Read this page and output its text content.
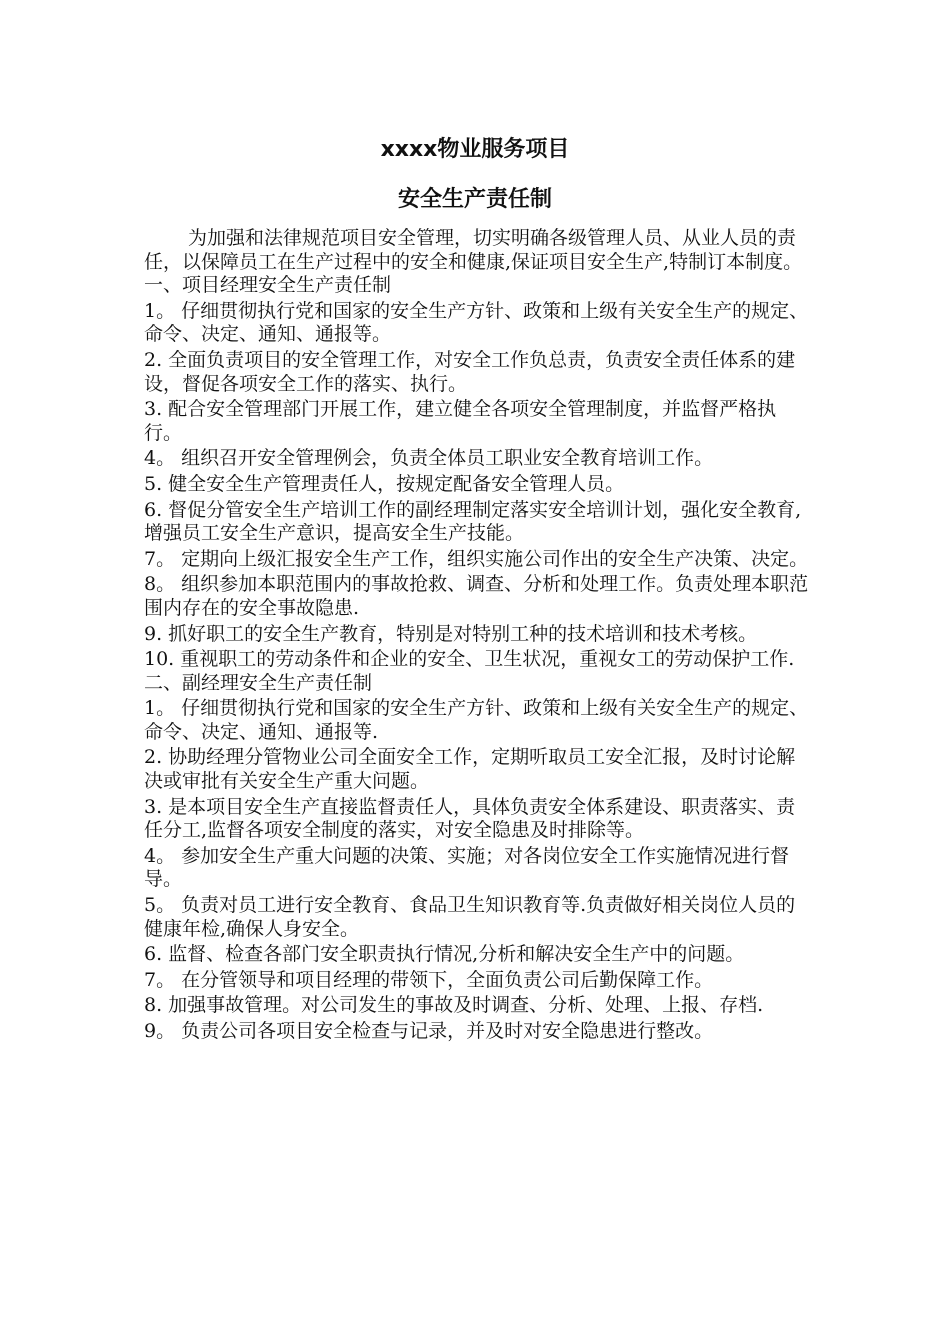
xxxx物业服务项目
安全生产责任制

为加强和法律规范项目安全管理，切实明确各级管理人员、从业人员的责任，以保障员工在生产过程中的安全和健康,保证项目安全生产,特制订本制度。

一、项目经理安全生产责任制

1。 仔细贯彻执行党和国家的安全生产方针、政策和上级有关安全生产的规定、命令、决定、通知、通报等。

2. 全面负责项目的安全管理工作，对安全工作负总责，负责安全责任体系的建设，督促各项安全工作的落实、执行。

3. 配合安全管理部门开展工作，建立健全各项安全管理制度，并监督严格执行。

4。 组织召开安全管理例会，负责全体员工职业安全教育培训工作。

5. 健全安全生产管理责任人，按规定配备安全管理人员。

6. 督促分管安全生产培训工作的副经理制定落实安全培训计划，强化安全教育,增强员工安全生产意识，提高安全生产技能。

7。 定期向上级汇报安全生产工作，组织实施公司作出的安全生产决策、决定。

8。 组织参加本职范围内的事故抢救、调查、分析和处理工作。负责处理本职范围内存在的安全事故隐患.

9. 抓好职工的安全生产教育，特别是对特别工种的技术培训和技术考核。

10. 重视职工的劳动条件和企业的安全、卫生状况，重视女工的劳动保护工作.

二、副经理安全生产责任制

1。 仔细贯彻执行党和国家的安全生产方针、政策和上级有关安全生产的规定、命令、决定、通知、通报等.

2. 协助经理分管物业公司全面安全工作，定期听取员工安全汇报，及时讨论解决或审批有关安全生产重大问题。

3. 是本项目安全生产直接监督责任人，具体负责安全体系建设、职责落实、责任分工,监督各项安全制度的落实，对安全隐患及时排除等。

4。 参加安全生产重大问题的决策、实施；对各岗位安全工作实施情况进行督导。

5。 负责对员工进行安全教育、食品卫生知识教育等.负责做好相关岗位人员的健康年检,确保人身安全。

6. 监督、检查各部门安全职责执行情况,分析和解决安全生产中的问题。

7。 在分管领导和项目经理的带领下，全面负责公司后勤保障工作。

8. 加强事故管理。对公司发生的事故及时调查、分析、处理、上报、存档.

9。 负责公司各项目安全检查与记录，并及时对安全隐患进行整改。
